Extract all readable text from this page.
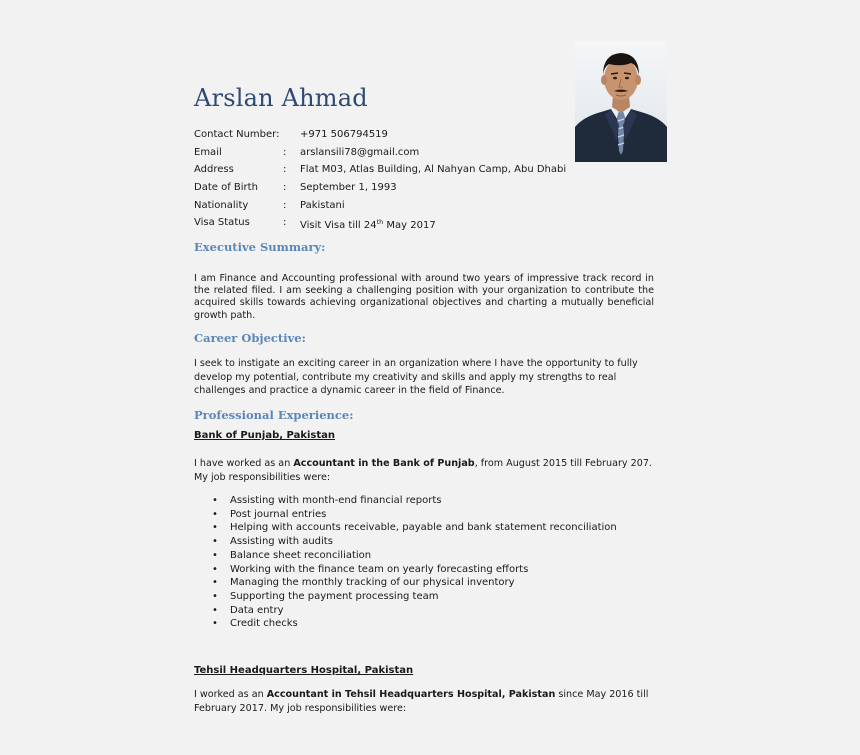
Arslan Ahmad
Contact Number: +971 506794519
Email	: arslansili78@gmail.com
Address	: Flat M03, Atlas Building, Al Nahyan Camp, Abu Dhabi
Date of Birth	: September 1, 1993
Nationality	: Pakistani
Visa Status	: Visit Visa till 24th May 2017
Executive Summary:

I am Finance and Accounting professional with around two years of impressive track record in the related filed. I am seeking a challenging position with your organization to contribute the acquired skills towards achieving organizational objectives and charting a mutually beneficial growth path.

Career Objective:

I seek to instigate an exciting career in an organization where I have the opportunity to fully develop my potential, contribute my creativity and skills and apply my strengths to real challenges and practice a dynamic career in the field of Finance.

Professional Experience:
Bank of Punjab, Pakistan

I have worked as an Accountant in the Bank of Punjab, from August 2015 till February 207. My job responsibilities were:

• Assisting with month-end financial reports
• Post journal entries
• Helping with accounts receivable, payable and bank statement reconciliation
• Assisting with audits
• Balance sheet reconciliation
• Working with the finance team on yearly forecasting efforts
• Managing the monthly tracking of our physical inventory
• Supporting the payment processing team
• Data entry
• Credit checks
Tehsil Headquarters Hospital, Pakistan

I worked as an Accountant in Tehsil Headquarters Hospital, Pakistan since May 2016 till February 2017. My job responsibilities were:
